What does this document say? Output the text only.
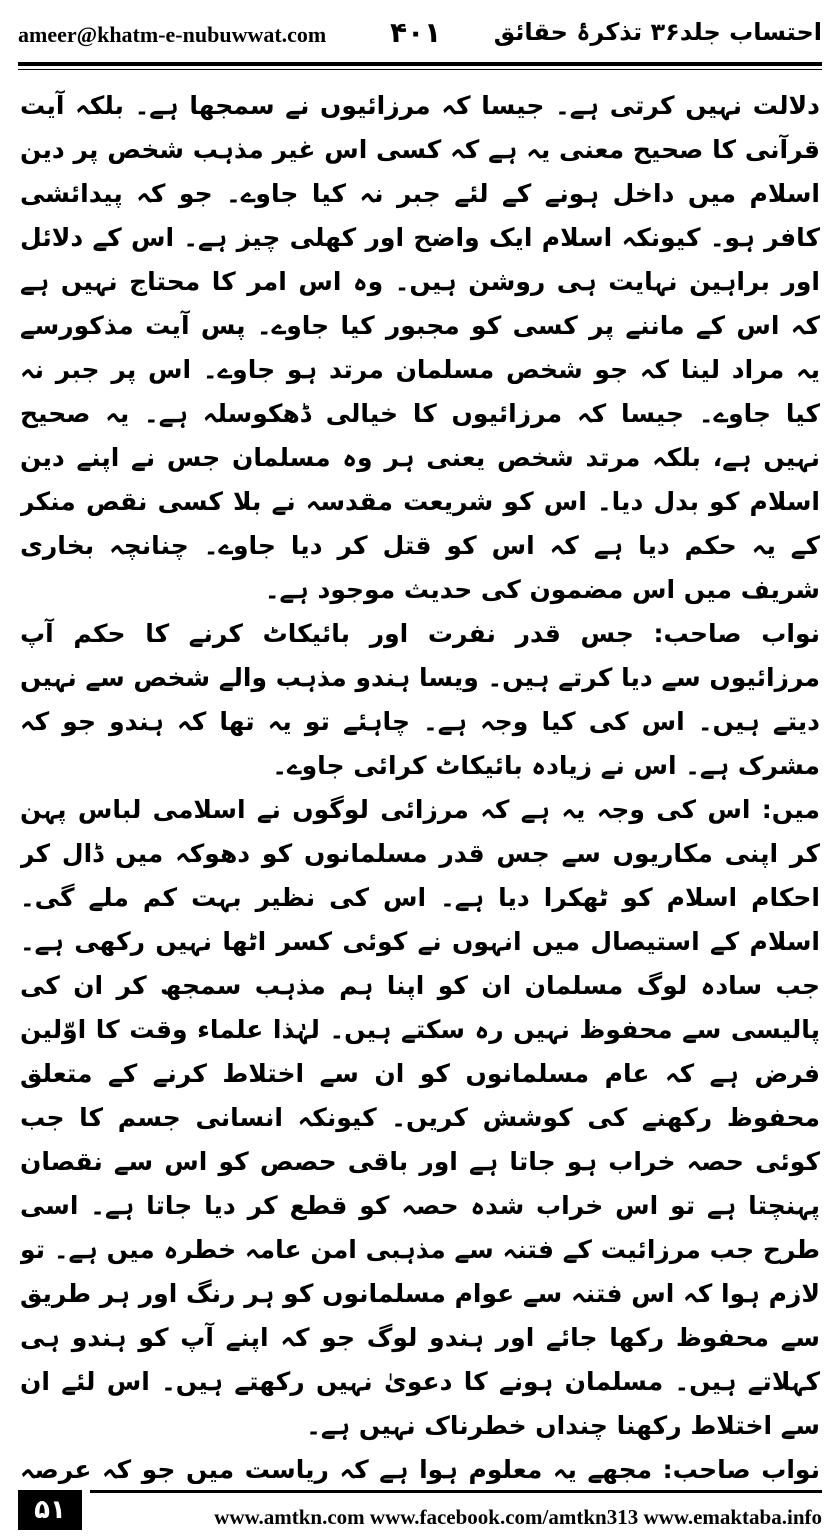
ameer@khatm-e-nubuwwat.com ۴۰۱ احتساب جلد۳۶ تذکرۂ حقائق

دلالت نہیں کرتی ہے۔ جیسا کہ مرزائیوں نے سمجھا ہے۔ بلکہ آیت قرآنی کا صحیح معنی یہ ہے کہ کسی اس غیر مذہب شخص پر دین اسلام میں داخل ہونے کے لئے جبر نہ کیا جاوے۔ جو کہ پیدائشی کافر ہو۔ کیونکہ اسلام ایک واضح اور کھلی چیز ہے۔ اس کے دلائل اور براہین نہایت ہی روشن ہیں۔ وہ اس امر کا محتاج نہیں ہے کہ اس کے ماننے پر کسی کو مجبور کیا جاوے۔ پس آیت مذکورسے یہ مراد لینا کہ جو شخص مسلمان مرتد ہو جاوے۔ اس پر جبر نہ کیا جاوے۔ جیسا کہ مرزائیوں کا خیالی ڈھکوسلہ ہے۔ یہ صحیح نہیں ہے، بلکہ مرتد شخص یعنی ہر وہ مسلمان جس نے اپنے دین اسلام کو بدل دیا۔ اس کو شریعت مقدسہ نے بلا کسی نقص منکر کے یہ حکم دیا ہے کہ اس کو قتل کر دیا جاوے۔ چنانچہ بخاری شریف میں اس مضمون کی حدیث موجود ہے۔

نواب صاحب: جس قدر نفرت اور بائیکاٹ کرنے کا حکم آپ مرزائیوں سے دیا کرتے ہیں۔ ویسا ہندو مذہب والے شخص سے نہیں دیتے ہیں۔ اس کی کیا وجہ ہے۔ چاہئے تو یہ تھا کہ ہندو جو کہ مشرک ہے۔ اس نے زیادہ بائیکاٹ کرائی جاوے۔

میں: اس کی وجہ یہ ہے کہ مرزائی لوگوں نے اسلامی لباس پہن کر اپنی مکاریوں سے جس قدر مسلمانوں کو دھوکہ میں ڈال کر احکام اسلام کو ٹھکرا دیا ہے۔ اس کی نظیر بہت کم ملے گی۔ اسلام کے استیصال میں انہوں نے کوئی کسر اٹھا نہیں رکھی ہے۔ جب سادہ لوگ مسلمان ان کو اپنا ہم مذہب سمجھ کر ان کی پالیسی سے محفوظ نہیں رہ سکتے ہیں۔ لہٰذا علماء وقت کا اوّلین فرض ہے کہ عام مسلمانوں کو ان سے اختلاط کرنے کے متعلق محفوظ رکھنے کی کوشش کریں۔ کیونکہ انسانی جسم کا جب کوئی حصہ خراب ہو جاتا ہے اور باقی حصص کو اس سے نقصان پہنچتا ہے تو اس خراب شدہ حصہ کو قطع کر دیا جاتا ہے۔ اسی طرح جب مرزائیت کے فتنہ سے مذہبی امن عامہ خطرہ میں ہے۔ تو لازم ہوا کہ اس فتنہ سے عوام مسلمانوں کو ہر رنگ اور ہر طریق سے محفوظ رکھا جائے اور ہندو لوگ جو کہ اپنے آپ کو ہندو ہی کہلاتے ہیں۔ مسلمان ہونے کا دعویٰ نہیں رکھتے ہیں۔ اس لئے ان سے اختلاط رکھنا چنداں خطرناک نہیں ہے۔

نواب صاحب: مجھے یہ معلوم ہوا ہے کہ ریاست میں جو کہ عرصہ

۵۱	www.amtkn.com www.facebook.com/amtkn313 www.emaktaba.info
